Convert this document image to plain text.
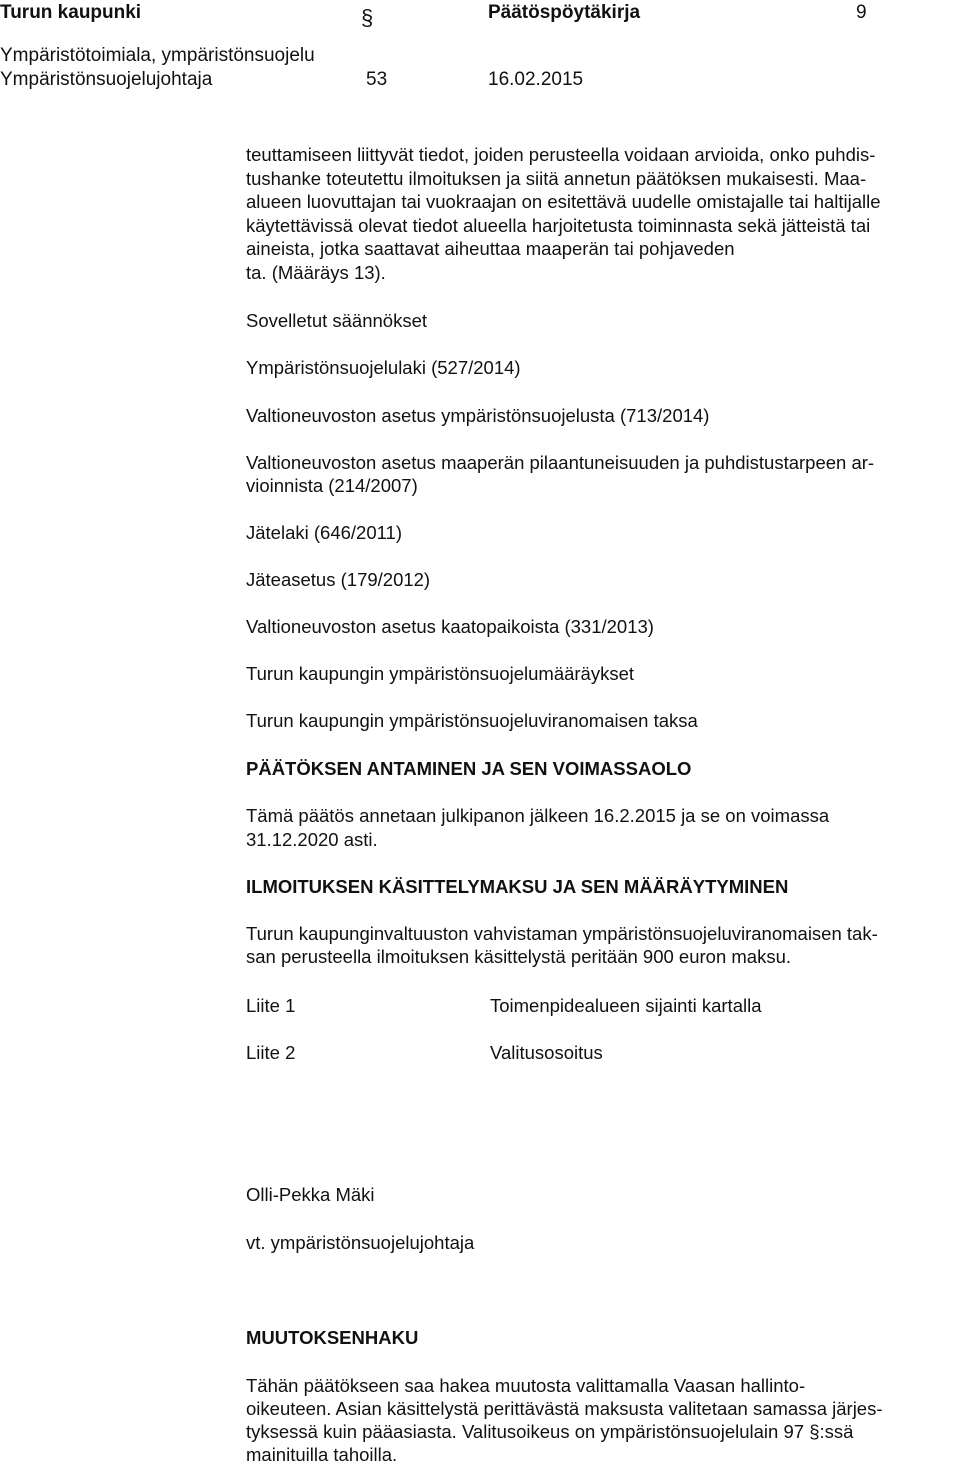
Turun kaupunki	§	Päätöspöytäkirja	9
Ympäristötoimiala, ympäristönsuojelu
Ympäristönsuojelujohtaja	53	16.02.2015
teuttamiseen liittyvät tiedot, joiden perusteella voidaan arvioida, onko puhdis-
tushanke toteutettu ilmoituksen ja siitä annetun päätöksen mukaisesti. Maa-
alueen luovuttajan tai vuokraajan on esitettävä uudelle omistajalle tai haltijalle
käytettävissä olevat tiedot alueella harjoitetusta toiminnasta sekä jätteistä tai
aineista, jotka saattavat aiheuttaa maaperän tai pohjaveden
ta. (Määräys 13).
Sovelletut säännökset
Ympäristönsuojelulaki (527/2014)
Valtioneuvoston asetus ympäristönsuojelusta (713/2014)
Valtioneuvoston asetus maaperän pilaantuneisuuden ja puhdistustarpeen ar-
vioinnista (214/2007)
Jätelaki (646/2011)
Jäteasetus (179/2012)
Valtioneuvoston asetus kaatopaikoista (331/2013)
Turun kaupungin ympäristönsuojelumääräykset
Turun kaupungin ympäristönsuojeluviranomaisen taksa
PÄÄTÖKSEN ANTAMINEN JA SEN VOIMASSAOLO
Tämä päätös annetaan julkipanon jälkeen 16.2.2015 ja se on voimassa
31.12.2020 asti.
ILMOITUKSEN KÄSITTELYMAKSU JA SEN MÄÄRÄYTYMINEN
Turun kaupunginvaltuuston vahvistaman ympäristönsuojeluviranomaisen tak-
san perusteella ilmoituksen käsittelystä peritään 900 euron maksu.
Liite 1	Toimenpidealueen sijainti kartalla
Liite 2	Valitusosoitus
Olli-Pekka Mäki
vt. ympäristönsuojelujohtaja
MUUTOKSENHAKU
Tähän päätökseen saa hakea muutosta valittamalla Vaasan hallinto-
oikeuteen. Asian käsittelystä perittävästä maksusta valitetaan samassa järjes-
tyksessä kuin pääasiasta. Valitusoikeus on ympäristönsuojelulain 97 §:ssä
mainituilla tahoilla.
